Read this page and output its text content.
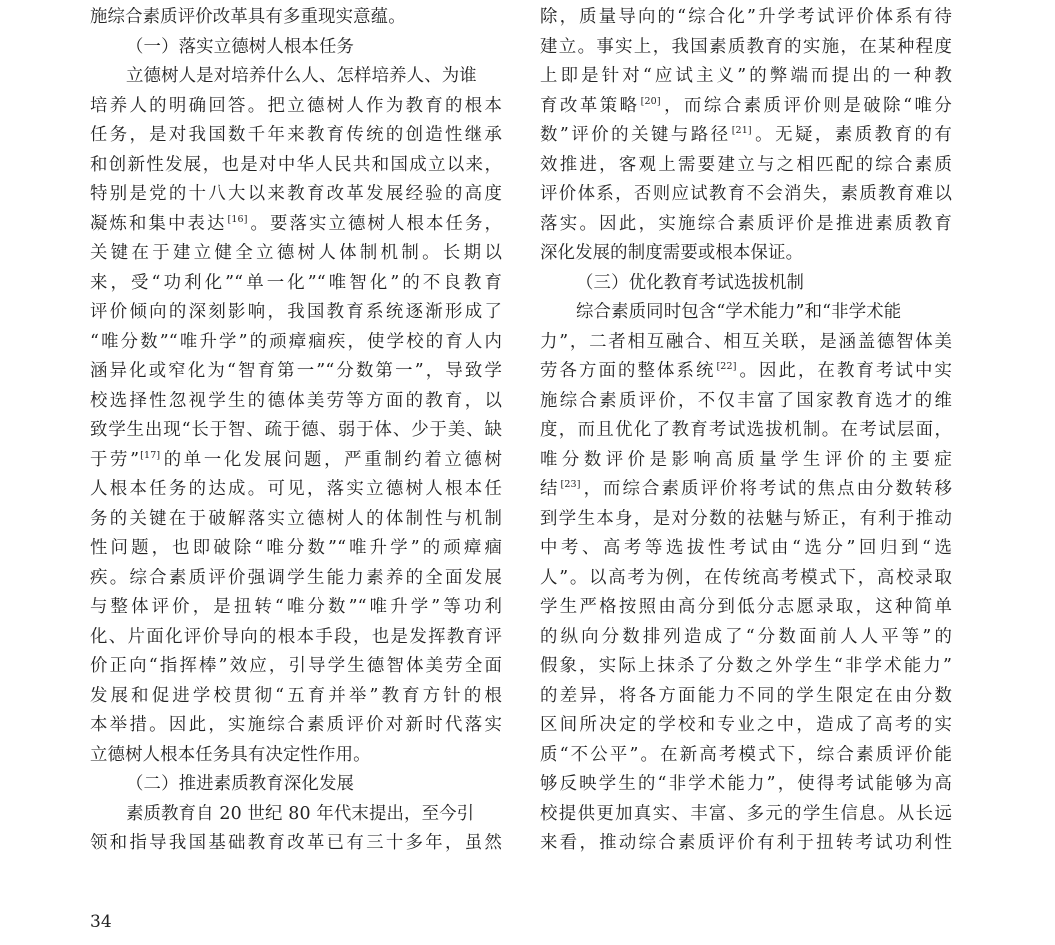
施综合素质评价改革具有多重现实意蕴。
（一）落实立德树人根本任务
立德树人是对培养什么人、怎样培养人、为谁
培养人的明确回答。把立德树人作为教育的根本
任务，是对我国数千年来教育传统的创造性继承
和创新性发展，也是对中华人民共和国成立以来，
特别是党的十八大以来教育改革发展经验的高度
凝炼和集中表达[16]。要落实立德树人根本任务，
关键在于建立健全立德树人体制机制。长期以
来，受“功利化”“单一化”“唯智化”的不良教育
评价倾向的深刻影响，我国教育系统逐渐形成了
“唯分数”“唯升学”的顽瘴痼疾，使学校的育人内
涵异化或窄化为“智育第一”“分数第一”，导致学
校选择性忽视学生的德体美劳等方面的教育，以
致学生出现“长于智、疏于德、弱于体、少于美、缺
于劳”[17]的单一化发展问题，严重制约着立德树
人根本任务的达成。可见，落实立德树人根本任
务的关键在于破解落实立德树人的体制性与机制
性问题，也即破除“唯分数”“唯升学”的顽瘴痼
疾。综合素质评价强调学生能力素养的全面发展
与整体评价，是扭转“唯分数”“唯升学”等功利
化、片面化评价导向的根本手段，也是发挥教育评
价正向“指挥棒”效应，引导学生德智体美劳全面
发展和促进学校贯彻“五育并举”教育方针的根
本举措。因此，实施综合素质评价对新时代落实
立德树人根本任务具有决定性作用。
（二）推进素质教育深化发展
素质教育自 20 世纪 80 年代末提出，至今引
领和指导我国基础教育改革已有三十多年，虽然
除，质量导向的“综合化”升学考试评价体系有待
建立。事实上，我国素质教育的实施，在某种程度
上即是针对“应试主义”的弊端而提出的一种教
育改革策略[20]，而综合素质评价则是破除“唯分
数”评价的关键与路径[21]。无疑，素质教育的有
效推进，客观上需要建立与之相匹配的综合素质
评价体系，否则应试教育不会消失，素质教育难以
落实。因此，实施综合素质评价是推进素质教育
深化发展的制度需要或根本保证。
（三）优化教育考试选拔机制
综合素质同时包含“学术能力”和“非学术能
力”，二者相互融合、相互关联，是涵盖德智体美
劳各方面的整体系统[22]。因此，在教育考试中实
施综合素质评价，不仅丰富了国家教育选才的维
度，而且优化了教育考试选拔机制。在考试层面，
唯分数评价是影响高质量学生评价的主要症
结[23]，而综合素质评价将考试的焦点由分数转移
到学生本身，是对分数的祛魅与矫正，有利于推动
中考、高考等选拔性考试由“选分”回归到“选
人”。以高考为例，在传统高考模式下，高校录取
学生严格按照由高分到低分志愿录取，这种简单
的纵向分数排列造成了“分数面前人人平等”的
假象，实际上抹杀了分数之外学生“非学术能力”
的差异，将各方面能力不同的学生限定在由分数
区间所决定的学校和专业之中，造成了高考的实
质“不公平”。在新高考模式下，综合素质评价能
够反映学生的“非学术能力”，使得考试能够为高
校提供更加真实、丰富、多元的学生信息。从长远
来看，推动综合素质评价有利于扭转考试功利性
34
